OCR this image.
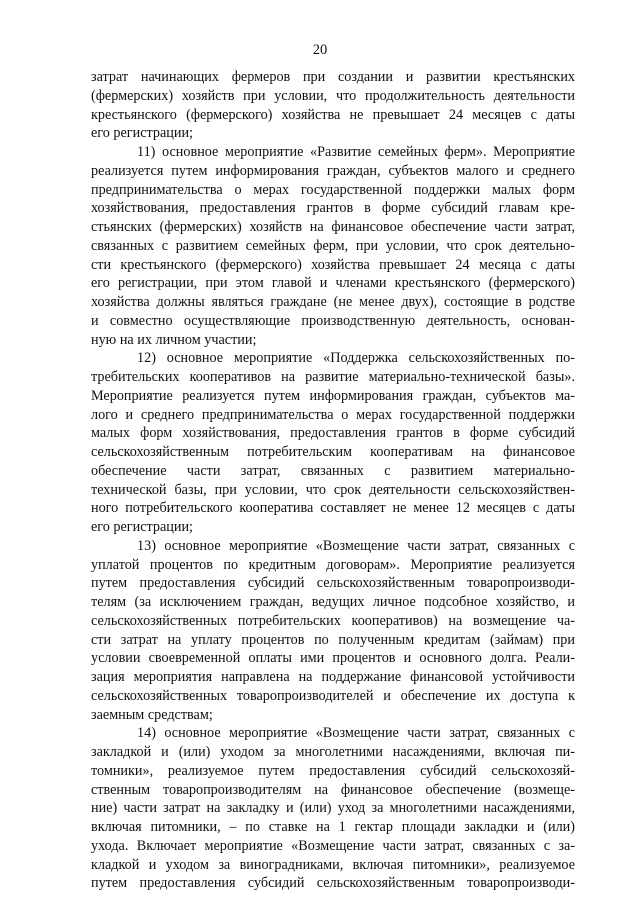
20
затрат начинающих фермеров при создании и развитии крестьянских
(фермерских) хозяйств при условии, что продолжительность деятельности
крестьянского (фермерского) хозяйства не превышает 24 месяцев с даты
его регистрации;
11) основное мероприятие «Развитие семейных ферм». Мероприятие
реализуется путем информирования граждан, субъектов малого и среднего
предпринимательства о мерах государственной поддержки малых форм
хозяйствования, предоставления грантов в форме субсидий главам кре-
стьянских (фермерских) хозяйств на финансовое обеспечение части затрат,
связанных с развитием семейных ферм, при условии, что срок деятельно-
сти крестьянского (фермерского) хозяйства превышает 24 месяца с даты
его регистрации, при этом главой и членами крестьянского (фермерского)
хозяйства должны являться граждане (не менее двух), состоящие в родстве
и совместно осуществляющие производственную деятельность, основан-
ную на их личном участии;
12) основное мероприятие «Поддержка сельскохозяйственных по-
требительских кооперативов на развитие материально-технической базы».
Мероприятие реализуется путем информирования граждан, субъектов ма-
лого и среднего предпринимательства о мерах государственной поддержки
малых форм хозяйствования, предоставления грантов в форме субсидий
сельскохозяйственным потребительским кооперативам на финансовое
обеспечение части затрат, связанных с развитием материально-
технической базы, при условии, что срок деятельности сельскохозяйствен-
ного потребительского кооператива составляет не менее 12 месяцев с даты
его регистрации;
13) основное мероприятие «Возмещение части затрат, связанных с
уплатой процентов по кредитным договорам». Мероприятие реализуется
путем предоставления субсидий сельскохозяйственным товаропроизводи-
телям (за исключением граждан, ведущих личное подсобное хозяйство, и
сельскохозяйственных потребительских кооперативов) на возмещение ча-
сти затрат на уплату процентов по полученным кредитам (займам) при
условии своевременной оплаты ими процентов и основного долга. Реали-
зация мероприятия направлена на поддержание финансовой устойчивости
сельскохозяйственных товаропроизводителей и обеспечение их доступа к
заемным средствам;
14) основное мероприятие «Возмещение части затрат, связанных с
закладкой и (или) уходом за многолетними насаждениями, включая пи-
томники», реализуемое путем предоставления субсидий сельскохозяй-
ственным товаропроизводителям на финансовое обеспечение (возмеще-
ние) части затрат на закладку и (или) уход за многолетними насаждениями,
включая питомники, – по ставке на 1 гектар площади закладки и (или)
ухода. Включает мероприятие «Возмещение части затрат, связанных с за-
кладкой и уходом за виноградниками, включая питомники», реализуемое
путем предоставления субсидий сельскохозяйственным товаропроизводи-
